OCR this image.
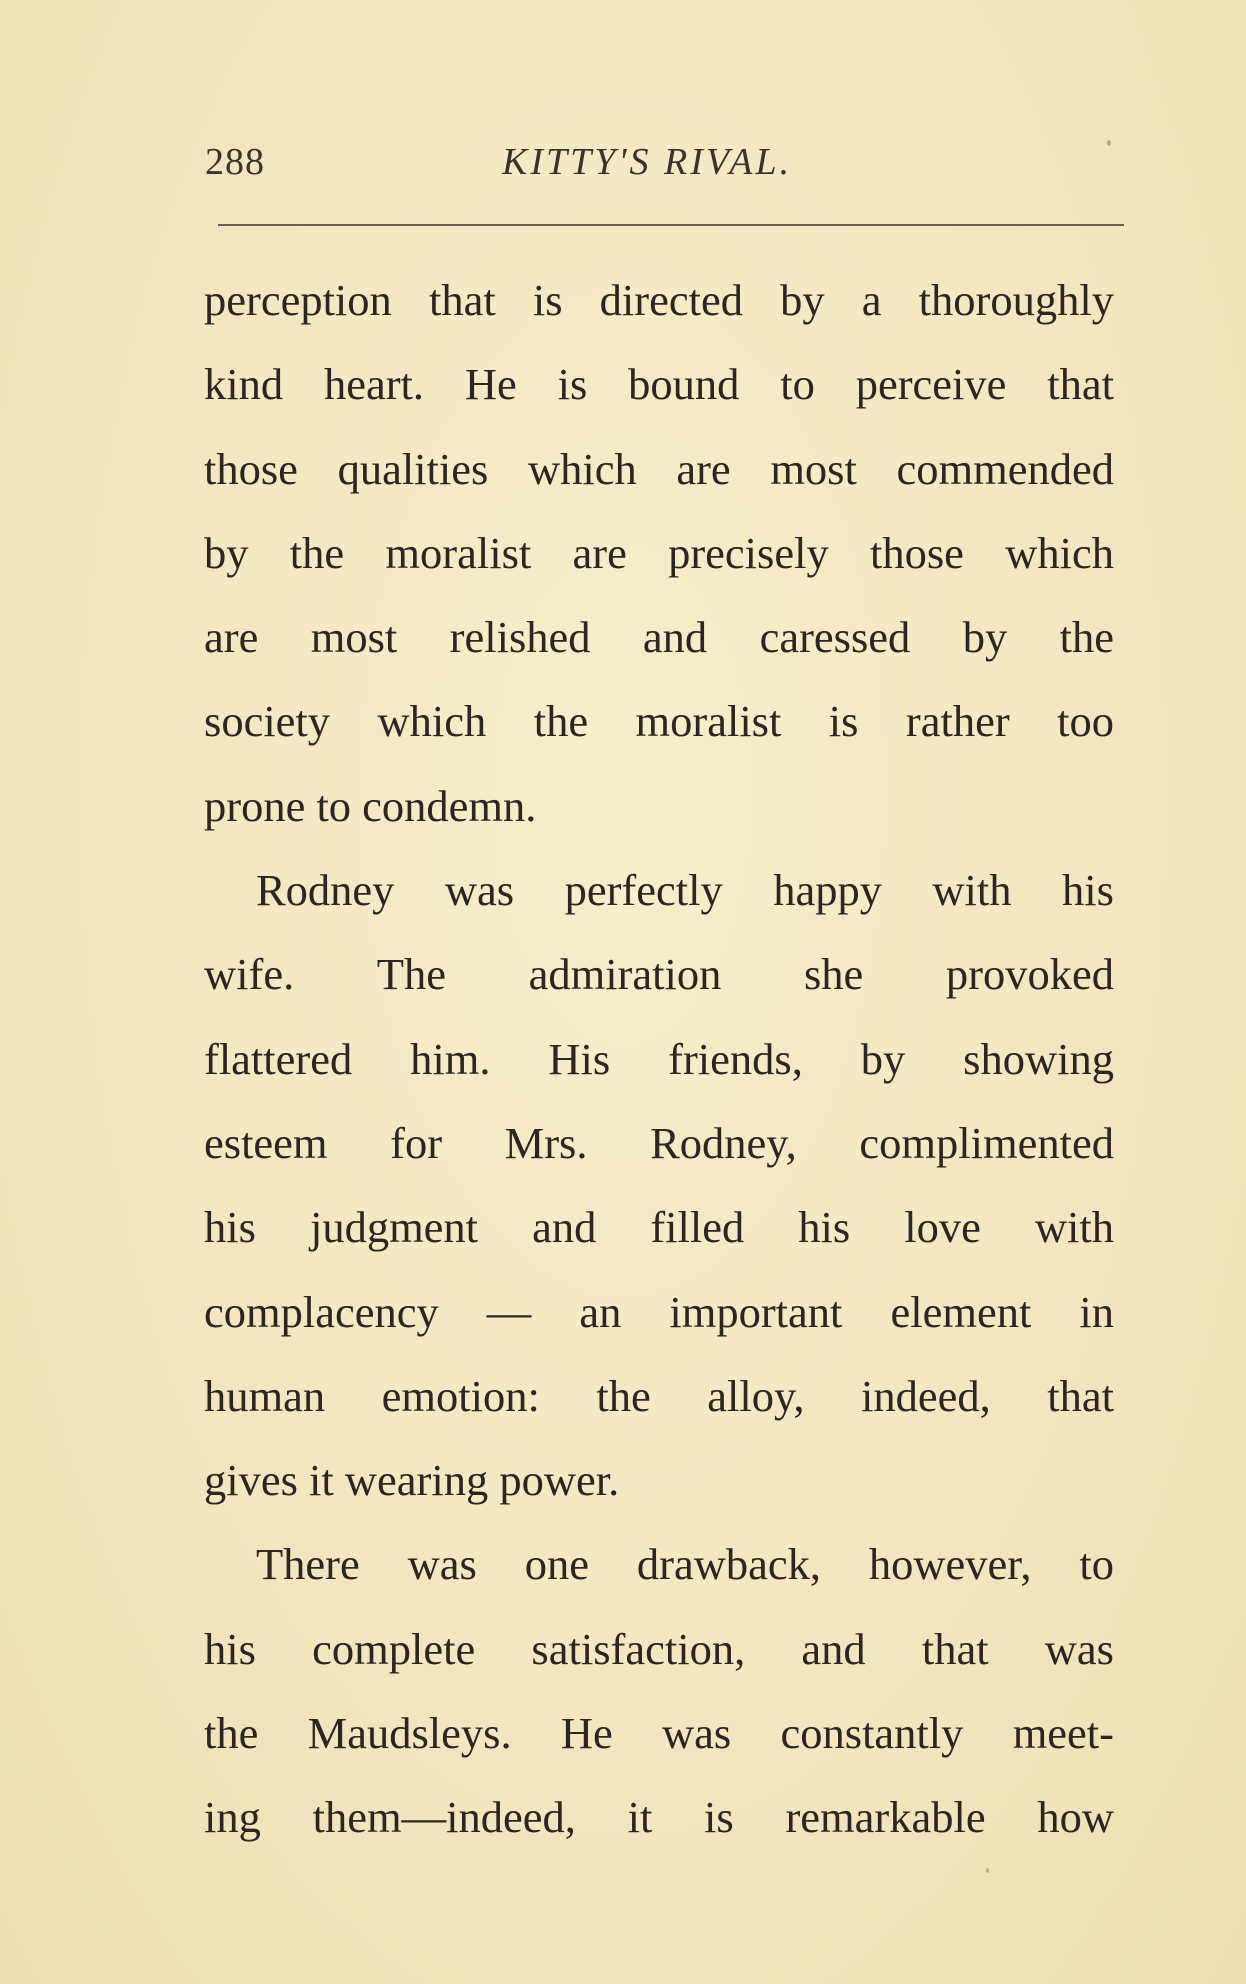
288	KITTY'S RIVAL.
perception that is directed by a thoroughly
kind heart. He is bound to perceive that
those qualities which are most commended
by the moralist are precisely those which
are most relished and caressed by the
society which the moralist is rather too
prone to condemn.
Rodney was perfectly happy with his
wife. The admiration she provoked
flattered him. His friends, by showing
esteem for Mrs. Rodney, complimented
his judgment and filled his love with
complacency — an important element in
human emotion: the alloy, indeed, that
gives it wearing power.
There was one drawback, however, to
his complete satisfaction, and that was
the Maudsleys. He was constantly meet-
ing them—indeed, it is remarkable how
